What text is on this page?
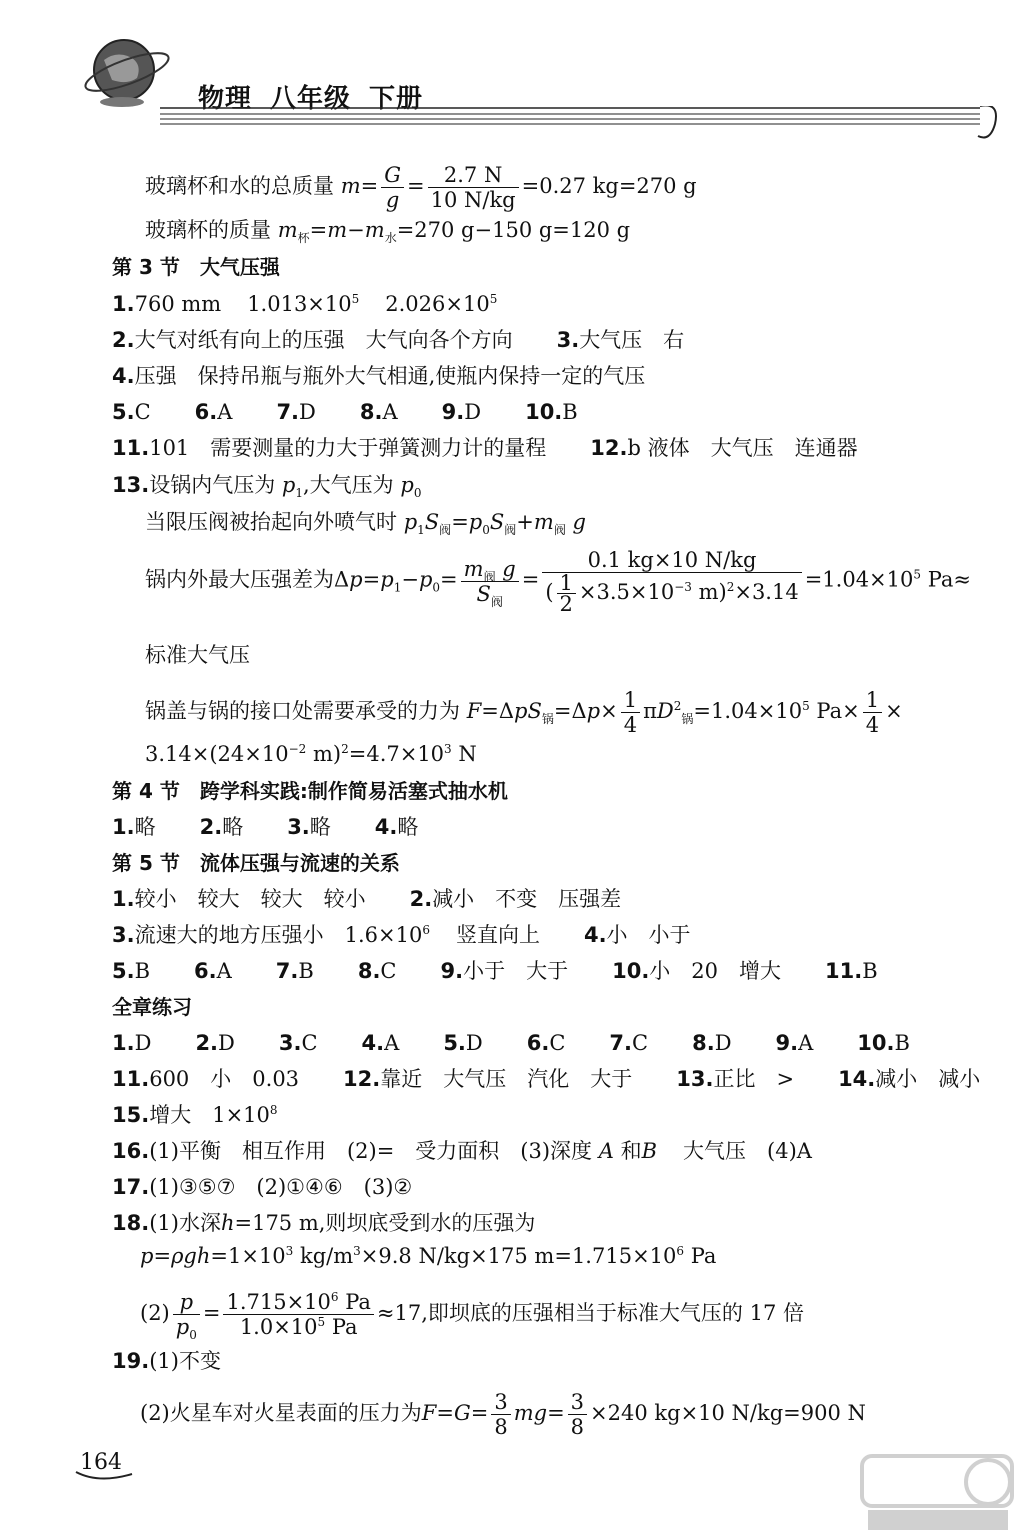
物理 八年级 下册
玻璃杯和水的总质量 $m= \frac{G}{g} = \frac{2.7 N}{10 N/kg} =0.27$ kg=270 g
玻璃杯的质量 $m_杯=m-m_水=270$ g−150 g=120 g
第 3 节　大气压强
1.760 mm $1.013\times 10^5$ $2.026\times 10^5$
2.大气对纸有向上的压强　大气向各个方向 3.大气压　右
4.压强　保持吊瓶与瓶外大气相通,使瓶内保持一定的气压
5.C 6.A 7.D 8.A 9.D 10.B
11.101　需要测量的力大于弹簧测力计的量程 12.b 液体　大气压　连通器
13.设锅内气压为 $p_1$,大气压为 $p_0$
当限压阀被抬起向外喷气时 $p_1S_阀=p_0S_阀+m_阀$ g
锅内外最大压强差为$\Delta p=p_1-p_0= \frac{m_阀 g}{S_阀} = \frac{0.1 kg\times 10 N/kg}{( \frac{1}{2} \times 3.5\times 10^{-3} m)^2\times 3.14} =1.04\times 10^5$ Pa≈
标准大气压
锅盖与锅的接口处需要承受的力为 $F=\Delta pS_锅=\Delta p\times \frac{1}{4} \pi D^2_锅=1.04\times 10^5$ $Pa\times \frac{1}{4}$ ×
$3.14\times(24\times 10^{-2}$ $m)^2=4.7\times 10^3$ N
第 4 节　跨学科实践:制作简易活塞式抽水机
1.略 2.略 3.略 4.略
第 5 节　流体压强与流速的关系
1.较小　较大　较大　较小 2.减小　不变　压强差
3.流速大的地方压强小　$1.6\times 10^6$ 竖直向上 4.小　小于
5.B 6.A 7.B 8.C 9.小于　大于 10.小　20　增大 11.B
全章练习
1.D 2.D 3.C 4.A 5.D 6.C 7.C 8.D 9.A 10.B
11.600　小　0.03 12.靠近　大气压　汽化　大于 13.正比　> 14.减小　减小
15.增大　$1\times 10^8$
16.(1)平衡　相互作用　(2)=　受力面积　(3)深度 A 和B 大气压　(4)A
17.(1)③⑤⑦　(2)①④⑥　(3)②
18.(1)水深h=175 m,则坝底受到水的压强为
$p=\rho gh=1\times 10^3$ $kg/m^3\times 9.8$ N/kg×175 $m=1.715\times 10^6$ Pa
$(2) \frac{p}{p_0} = \frac{1.715\times 10^6 Pa}{1.0\times 10^5 Pa} \approx 17$,即坝底的压强相当于标准大气压的 17 倍
19.(1)不变
(2)火星车对火星表面的压力为$F=G= \frac{3}{8} mg= \frac{3}{8} \times 240$ kg×10 N/kg=900 N
164
